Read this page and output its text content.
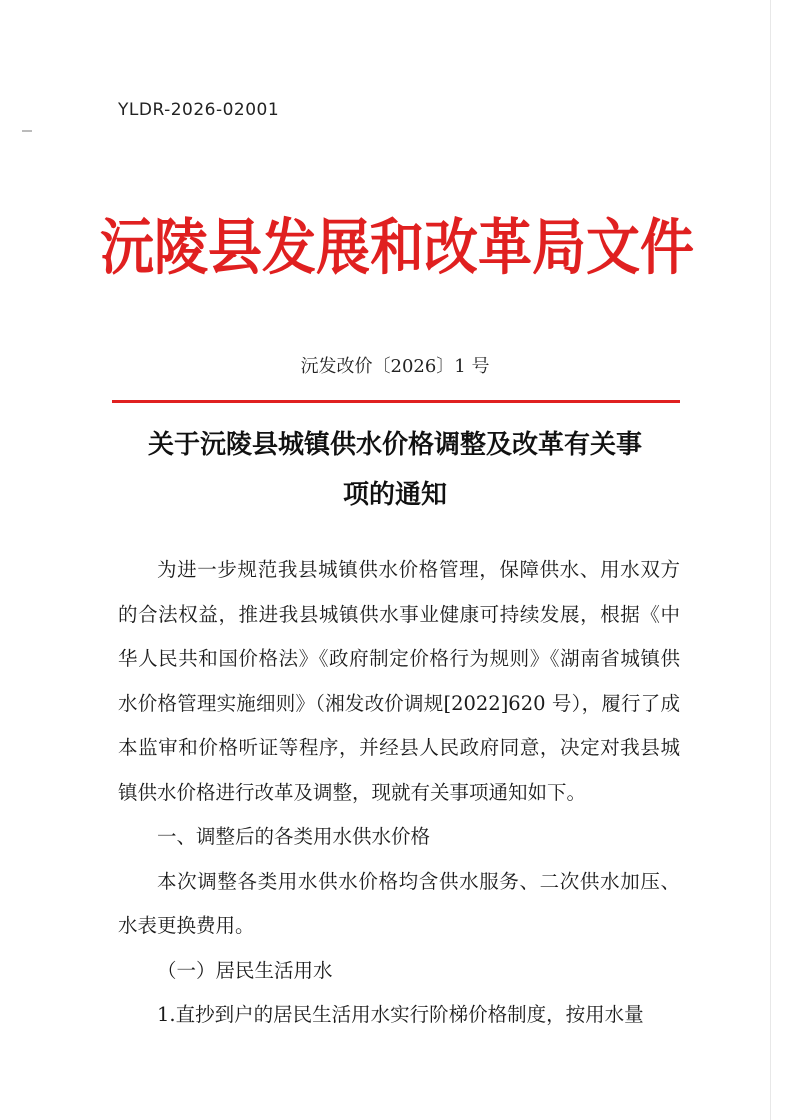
YLDR-2026-02001
沅陵县发展和改革局文件
沅发改价〔2026〕1 号
关于沅陵县城镇供水价格调整及改革有关事
项的通知

为进一步规范我县城镇供水价格管理，保障供水、用水双方的合法权益，推进我县城镇供水事业健康可持续发展，根据《中华人民共和国价格法》《政府制定价格行为规则》《湖南省城镇供水价格管理实施细则》（湘发改价调规[2022]620 号），履行了成本监审和价格听证等程序，并经县人民政府同意，决定对我县城镇供水价格进行改革及调整，现就有关事项通知如下。

一、调整后的各类用水供水价格

本次调整各类用水供水价格均含供水服务、二次供水加压、水表更换费用。

（一）居民生活用水

1.直抄到户的居民生活用水实行阶梯价格制度，按用水量
